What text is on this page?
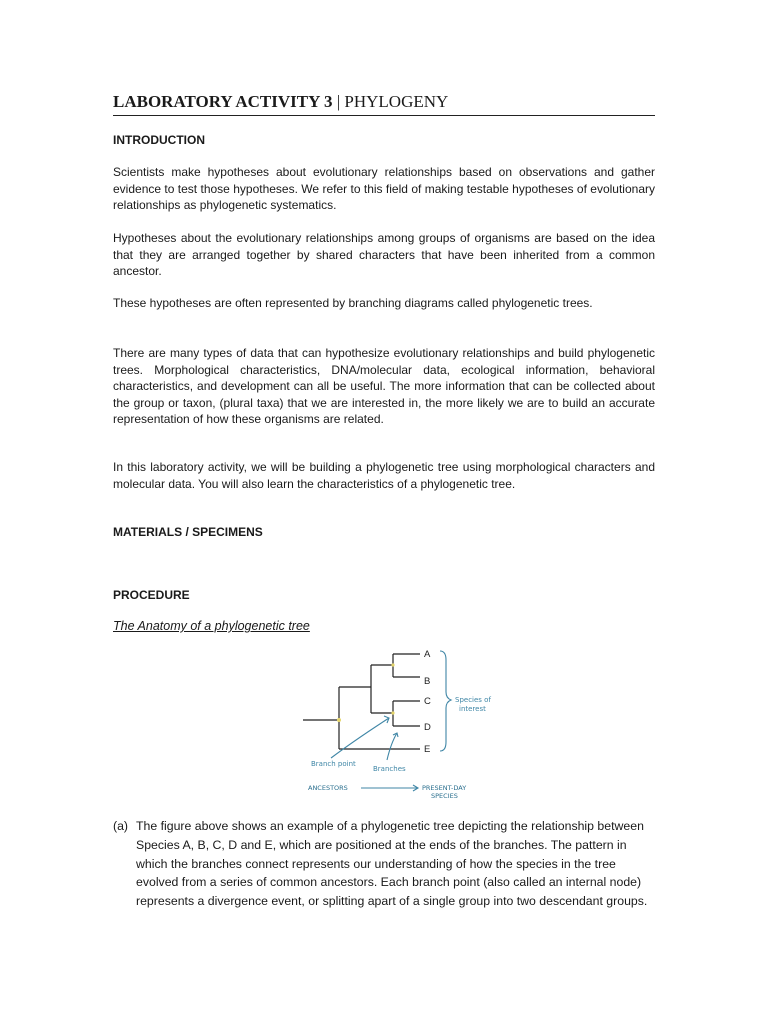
LABORATORY ACTIVITY 3 | PHYLOGENY
INTRODUCTION

Scientists make hypotheses about evolutionary relationships based on observations and gather evidence to test those hypotheses. We refer to this field of making testable hypotheses of evolutionary relationships as phylogenetic systematics.

Hypotheses about the evolutionary relationships among groups of organisms are based on the idea that they are arranged together by shared characters that have been inherited from a common ancestor.

These hypotheses are often represented by branching diagrams called phylogenetic trees.

There are many types of data that can hypothesize evolutionary relationships and build phylogenetic trees. Morphological characteristics, DNA/molecular data, ecological information, behavioral characteristics, and development can all be useful. The more information that can be collected about the group or taxon, (plural taxa) that we are interested in, the more likely we are to build an accurate representation of how these organisms are related.

In this laboratory activity, we will be building a phylogenetic tree using morphological characters and molecular data. You will also learn the characteristics of a phylogenetic tree.

MATERIALS / SPECIMENS
PROCEDURE
The Anatomy of a phylogenetic tree
A
B
C
D
E
Species of
interest
Branch point
Branches
ANCESTORS	PRESENT-DAY
SPECIES
(a) The figure above shows an example of a phylogenetic tree depicting the relationship between Species A, B, C, D and E, which are positioned at the ends of the branches. The pattern in which the branches connect represents our understanding of how the species in the tree evolved from a series of common ancestors. Each branch point (also called an internal node) represents a divergence event, or splitting apart of a single group into two descendant groups.
